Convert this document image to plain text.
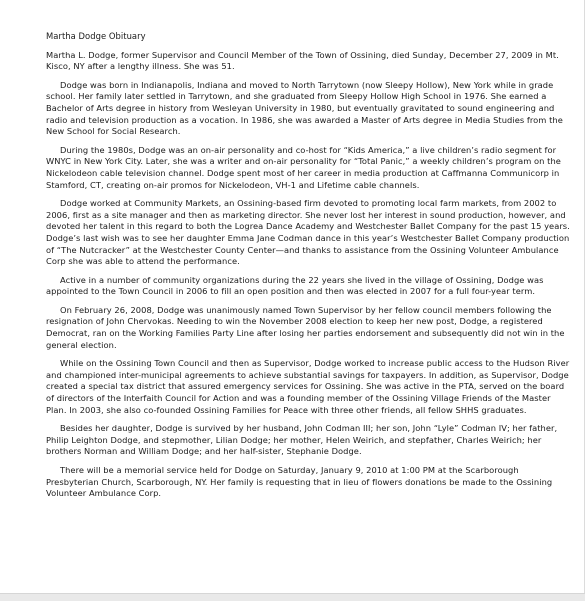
Martha Dodge Obituary

Martha L. Dodge, former Supervisor and Council Member of the Town of Ossining, died Sunday, December 27, 2009 in Mt. Kisco, NY after a lengthy illness. She was 51.

Dodge was born in Indianapolis, Indiana and moved to North Tarrytown (now Sleepy Hollow), New York while in grade school. Her family later settled in Tarrytown, and she graduated from Sleepy Hollow High School in 1976. She earned a Bachelor of Arts degree in history from Wesleyan University in 1980, but eventually gravitated to sound engineering and radio and television production as a vocation. In 1986, she was awarded a Master of Arts degree in Media Studies from the New School for Social Research.

During the 1980s, Dodge was an on-air personality and co-host for “Kids America,” a live children’s radio segment for WNYC in New York City. Later, she was a writer and on-air personality for “Total Panic,” a weekly children’s program on the Nickelodeon cable television channel. Dodge spent most of her career in media production at Caffmanna Communicorp in Stamford, CT, creating on-air promos for Nickelodeon, VH-1 and Lifetime cable channels.

Dodge worked at Community Markets, an Ossining-based firm devoted to promoting local farm markets, from 2002 to 2006, first as a site manager and then as marketing director. She never lost her interest in sound production, however, and devoted her talent in this regard to both the Logrea Dance Academy and Westchester Ballet Company for the past 15 years. Dodge’s last wish was to see her daughter Emma Jane Codman dance in this year’s Westchester Ballet Company production of “The Nutcracker” at the Westchester County Center—and thanks to assistance from the Ossining Volunteer Ambulance Corp she was able to attend the performance.

Active in a number of community organizations during the 22 years she lived in the village of Ossining, Dodge was appointed to the Town Council in 2006 to fill an open position and then was elected in 2007 for a full four-year term.

On February 26, 2008, Dodge was unanimously named Town Supervisor by her fellow council members following the resignation of John Chervokas. Needing to win the November 2008 election to keep her new post, Dodge, a registered Democrat, ran on the Working Families Party Line after losing her parties endorsement and subsequently did not win in the general election.

While on the Ossining Town Council and then as Supervisor, Dodge worked to increase public access to the Hudson River and championed inter-municipal agreements to achieve substantial savings for taxpayers. In addition, as Supervisor, Dodge created a special tax district that assured emergency services for Ossining. She was active in the PTA, served on the board of directors of the Interfaith Council for Action and was a founding member of the Ossining Village Friends of the Master Plan. In 2003, she also co-founded Ossining Families for Peace with three other friends, all fellow SHHS graduates.

Besides her daughter, Dodge is survived by her husband, John Codman III; her son, John “Lyle” Codman IV; her father, Philip Leighton Dodge, and stepmother, Lilian Dodge; her mother, Helen Weirich, and stepfather, Charles Weirich; her brothers Norman and William Dodge; and her half-sister, Stephanie Dodge.

There will be a memorial service held for Dodge on Saturday, January 9, 2010 at 1:00 PM at the Scarborough Presbyterian Church, Scarborough, NY. Her family is requesting that in lieu of flowers donations be made to the Ossining Volunteer Ambulance Corp.
